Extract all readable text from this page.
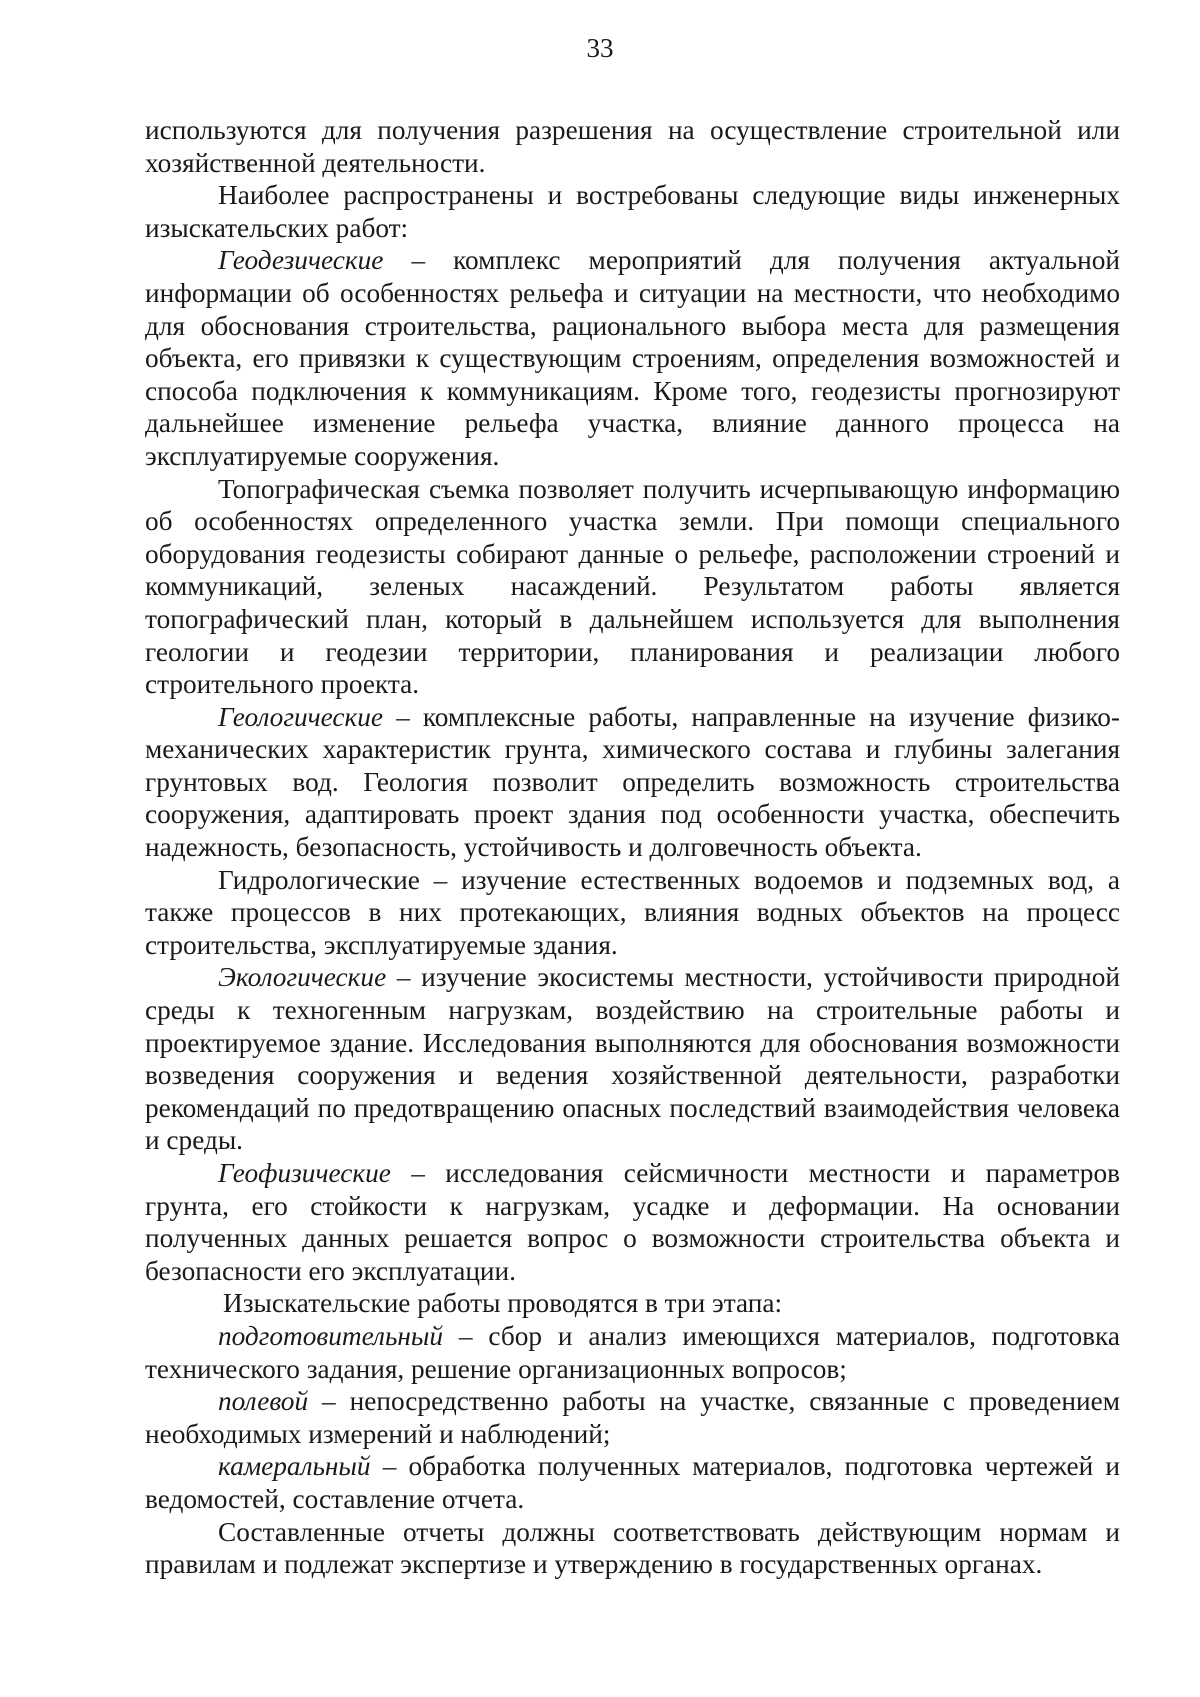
33

используются для получения разрешения на осуществление строительной или хозяйственной деятельности.

Наиболее распространены и востребованы следующие виды инженерных изыскательских работ:

Геодезические – комплекс мероприятий для получения актуальной информации об особенностях рельефа и ситуации на местности, что необходимо для обоснования строительства, рационального выбора места для размещения объекта, его привязки к существующим строениям, определения возможностей и способа подключения к коммуникациям. Кроме того, геодезисты прогнозируют дальнейшее изменение рельефа участка, влияние данного процесса на эксплуатируемые сооружения.

Топографическая съемка позволяет получить исчерпывающую информацию об особенностях определенного участка земли. При помощи специального оборудования геодезисты собирают данные о рельефе, расположении строений и коммуникаций, зеленых насаждений. Результатом работы является топографический план, который в дальнейшем используется для выполнения геологии и геодезии территории, планирования и реализации любого строительного проекта.

Геологические – комплексные работы, направленные на изучение физико-механических характеристик грунта, химического состава и глубины залегания грунтовых вод. Геология позволит определить возможность строительства сооружения, адаптировать проект здания под особенности участка, обеспечить надежность, безопасность, устойчивость и долговечность объекта.

Гидрологические – изучение естественных водоемов и подземных вод, а также процессов в них протекающих, влияния водных объектов на процесс строительства, эксплуатируемые здания.

Экологические – изучение экосистемы местности, устойчивости природной среды к техногенным нагрузкам, воздействию на строительные работы и проектируемое здание. Исследования выполняются для обоснования возможности возведения сооружения и ведения хозяйственной деятельности, разработки рекомендаций по предотвращению опасных последствий взаимодействия человека и среды.

Геофизические – исследования сейсмичности местности и параметров грунта, его стойкости к нагрузкам, усадке и деформации. На основании полученных данных решается вопрос о возможности строительства объекта и безопасности его эксплуатации.

Изыскательские работы проводятся в три этапа:

подготовительный – сбор и анализ имеющихся материалов, подготовка технического задания, решение организационных вопросов;

полевой – непосредственно работы на участке, связанные с проведением необходимых измерений и наблюдений;

камеральный – обработка полученных материалов, подготовка чертежей и ведомостей, составление отчета.

Составленные отчеты должны соответствовать действующим нормам и правилам и подлежат экспертизе и утверждению в государственных органах.
